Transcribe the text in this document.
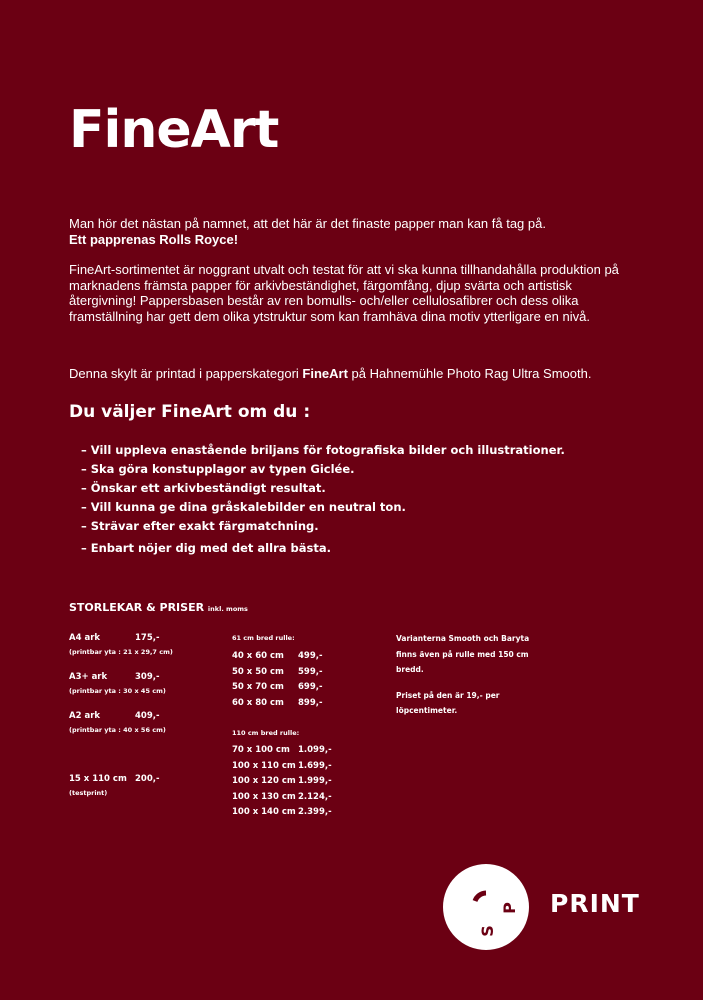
FineArt

Man hör det nästan på namnet, att det här är det finaste papper man kan få tag på.
Ett papprenas Rolls Royce!

FineArt-sortimentet är noggrant utvalt och testat för att vi ska kunna tillhandahålla produktion på marknadens främsta papper för arkivbeständighet, färgomfång, djup svärta och artistisk återgivning! Pappersbasen består av ren bomulls- och/eller cellulosafibrer och dess olika framställning har gett dem olika ytstruktur som kan framhäva dina motiv ytterligare en nivå.

Denna skylt är printad i papperskategori FineArt på Hahnemühle Photo Rag Ultra Smooth.

Du väljer FineArt om du :
– Vill uppleva enastående briljans för fotografiska bilder och illustrationer.
– Ska göra konstupplagor av typen Giclée.
– Önskar ett arkivbeständigt resultat.
– Vill kunna ge dina gråskalebilder en neutral ton.
– Strävar efter exakt färgmatchning.
– Enbart nöjer dig med det allra bästa.
STORLEKAR & PRISER inkl. moms
A4 ark	175,-
(printbar yta : 21 x 29,7 cm)
A3+ ark	309,-
(printbar yta : 30 x 45 cm)
A2 ark	409,-
(printbar yta : 40 x 56 cm)
15 x 110 cm 200,-
(testprint)
61 cm bred rulle:
40 x 60 cm 499,-
50 x 50 cm 599,-
50 x 70 cm 699,-
60 x 80 cm 899,-
110 cm bred rulle:
70 x 100 cm 1.099,-
100 x 110 cm 1.699,-
100 x 120 cm 1.999,-
100 x 130 cm 2.124,-
100 x 140 cm 2.399,-

Varianterna Smooth och Baryta finns även på rulle med 150 cm bredd.

Priset på den är 19,- per löpcentimeter.

S
P PRINT
